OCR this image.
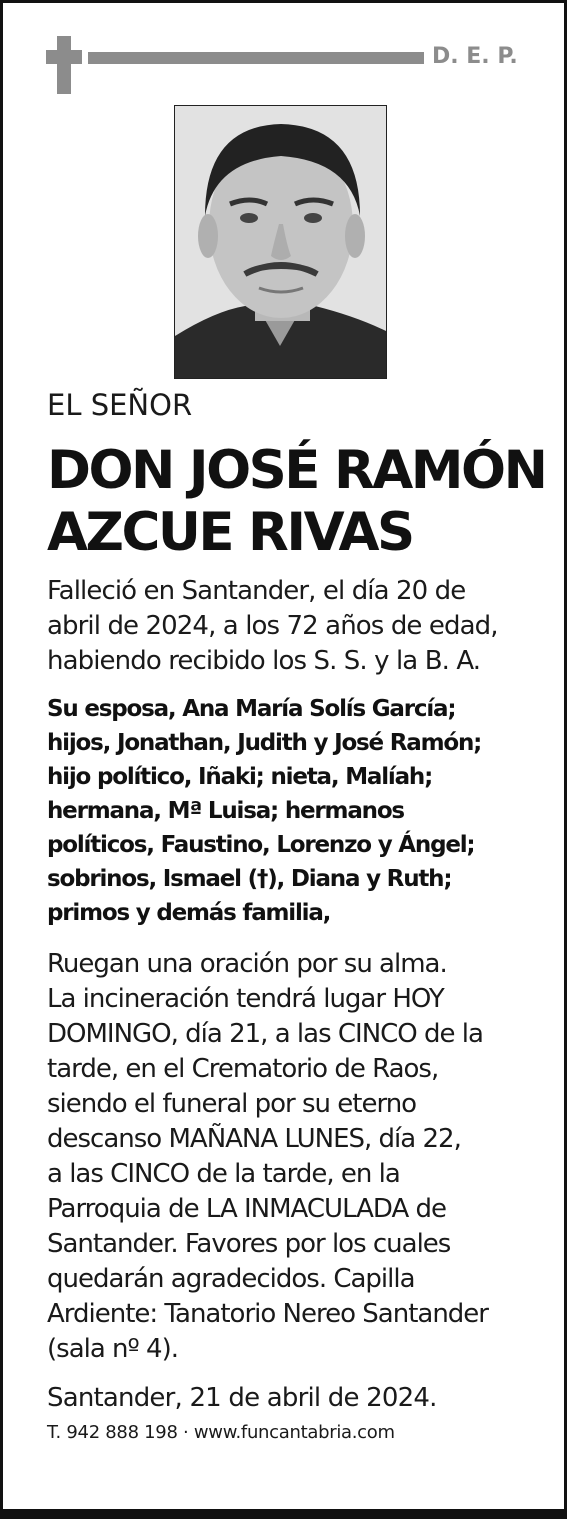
D. E. P.
EL SEÑOR
DON JOSÉ RAMÓN
AZCUE RIVAS
Falleció en Santander, el día 20 de
abril de 2024, a los 72 años de edad,
habiendo recibido los S. S. y la B. A.
Su esposa, Ana María Solís García;
hijos, Jonathan, Judith y José Ramón;
hijo político, Iñaki; nieta, Malíah;
hermana, Mª Luisa; hermanos
políticos, Faustino, Lorenzo y Ángel;
sobrinos, Ismael (†), Diana y Ruth;
primos y demás familia,
Ruegan una oración por su alma.
La incineración tendrá lugar HOY
DOMINGO, día 21, a las CINCO de la
tarde, en el Crematorio de Raos,
siendo el funeral por su eterno
descanso MAÑANA LUNES, día 22,
a las CINCO de la tarde, en la
Parroquia de LA INMACULADA de
Santander. Favores por los cuales
quedarán agradecidos. Capilla
Ardiente: Tanatorio Nereo Santander
(sala nº 4).
Santander, 21 de abril de 2024.
T. 942 888 198 · www.funcantabria.com
